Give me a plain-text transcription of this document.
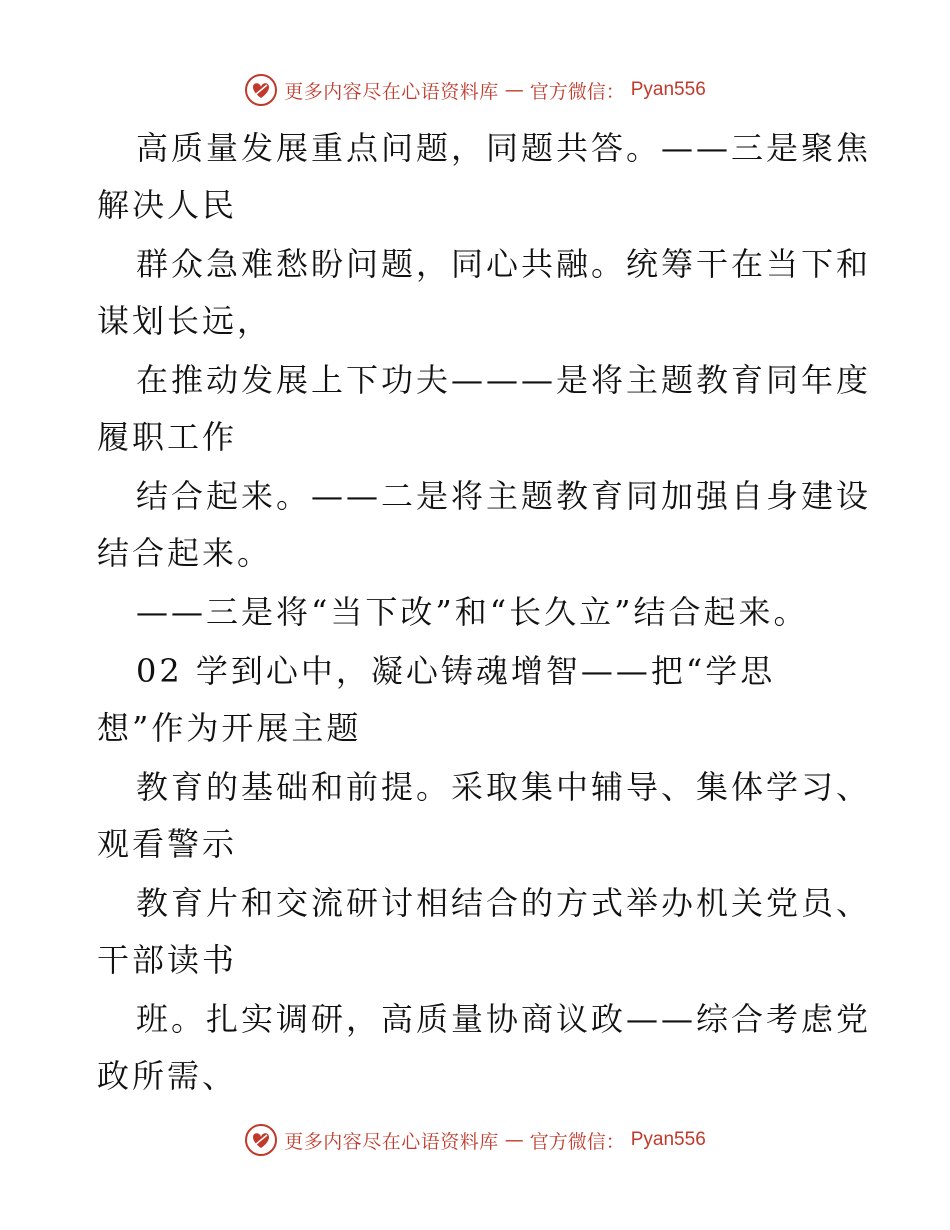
更多内容尽在心语资料库 — 官方微信： Pyan556
高质量发展重点问题，同题共答。——三是聚焦
解决人民
群众急难愁盼问题，同心共融。统筹干在当下和
谋划长远，
在推动发展上下功夫———是将主题教育同年度
履职工作
结合起来。——二是将主题教育同加强自身建设
结合起来。
——三是将“当下改”和“长久立”结合起来。
02 学到心中，凝心铸魂增智——把“学思
想”作为开展主题
教育的基础和前提。采取集中辅导、集体学习、
观看警示
教育片和交流研讨相结合的方式举办机关党员、
干部读书
班。扎实调研，高质量协商议政——综合考虑党
政所需、
更多内容尽在心语资料库 — 官方微信： Pyan556
